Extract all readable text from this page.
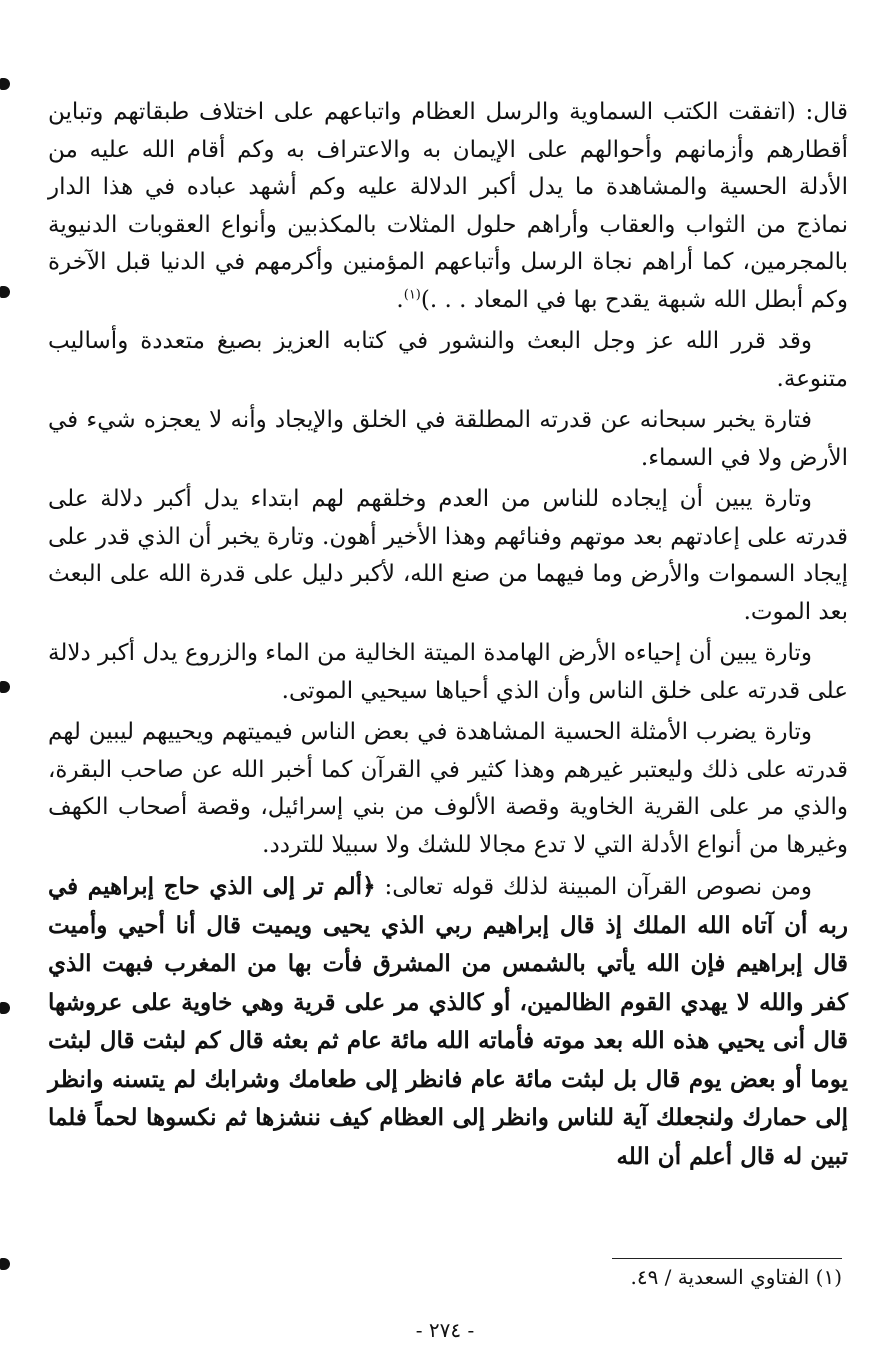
قال: (اتفقت الكتب السماوية والرسل العظام واتباعهم على اختلاف طبقاتهم وتباين أقطارهم وأزمانهم وأحوالهم على الإيمان به والاعتراف به وكم أقام الله عليه من الأدلة الحسية والمشاهدة ما يدل أكبر الدلالة عليه وكم أشهد عباده في هذا الدار نماذج من الثواب والعقاب وأراهم حلول المثلات بالمكذبين وأنواع العقوبات الدنيوية بالمجرمين، كما أراهم نجاة الرسل وأتباعهم المؤمنين وأكرمهم في الدنيا قبل الآخرة وكم أبطل الله شبهة يقدح بها في المعاد . . .)$^{(١)}$.

وقد قرر الله عز وجل البعث والنشور في كتابه العزيز بصيغ متعددة وأساليب متنوعة.

فتارة يخبر سبحانه عن قدرته المطلقة في الخلق والإيجاد وأنه لا يعجزه شيء في الأرض ولا في السماء.

وتارة يبين أن إيجاده للناس من العدم وخلقهم لهم ابتداء يدل أكبر دلالة على قدرته على إعادتهم بعد موتهم وفنائهم وهذا الأخير أهون. وتارة يخبر أن الذي قدر على إيجاد السموات والأرض وما فيهما من صنع الله، لأكبر دليل على قدرة الله على البعث بعد الموت.

وتارة يبين أن إحياءه الأرض الهامدة الميتة الخالية من الماء والزروع يدل أكبر دلالة على قدرته على خلق الناس وأن الذي أحياها سيحيي الموتى.

وتارة يضرب الأمثلة الحسية المشاهدة في بعض الناس فيميتهم ويحييهم ليبين لهم قدرته على ذلك وليعتبر غيرهم وهذا كثير في القرآن كما أخبر الله عن صاحب البقرة، والذي مر على القرية الخاوية وقصة الألوف من بني إسرائيل، وقصة أصحاب الكهف وغيرها من أنواع الأدلة التي لا تدع مجالا للشك ولا سبيلا للتردد.

ومن نصوص القرآن المبينة لذلك قوله تعالى: ﴿ألم تر إلى الذي حاج إبراهيم في ربه أن آتاه الله الملك إذ قال إبراهيم ربي الذي يحيى ويميت قال أنا أحيي وأميت قال إبراهيم فإن الله يأتي بالشمس من المشرق فأت بها من المغرب فبهت الذي كفر والله لا يهدي القوم الظالمين، أو كالذي مر على قرية وهي خاوية على عروشها قال أنى يحيي هذه الله بعد موته فأماته الله مائة عام ثم بعثه قال كم لبثت قال لبثت يوما أو بعض يوم قال بل لبثت مائة عام فانظر إلى طعامك وشرابك لم يتسنه وانظر إلى حمارك ولنجعلك آية للناس وانظر إلى العظام كيف ننشزها ثم نكسوها لحماً فلما تبين له قال أعلم أن الله

(١) الفتاوي السعدية / ٤٩.
- ٢٧٤ -
